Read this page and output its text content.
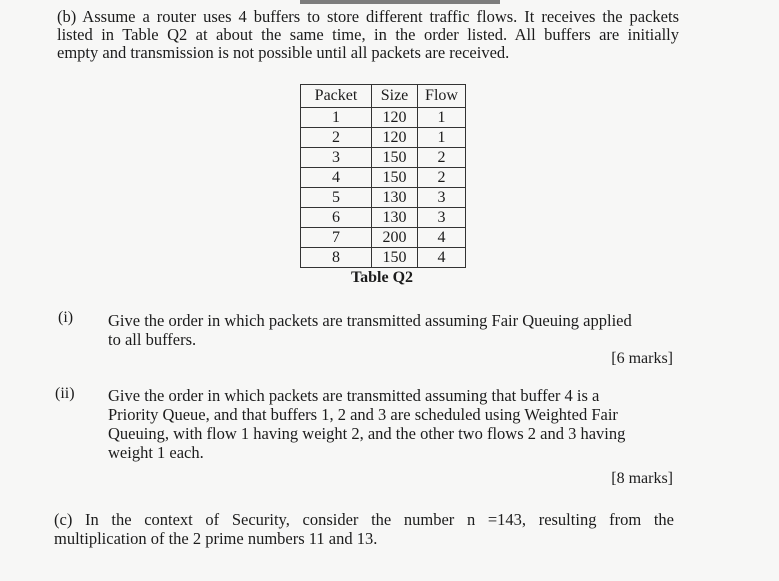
(b) Assume a router uses 4 buffers to store different traffic flows. It receives the packets
listed in Table Q2 at about the same time, in the order listed. All buffers are initially
empty and transmission is not possible until all packets are received.

Packet	Size	Flow
1	120	1
2	120	1
3	150	2
4	150	2
5	130	3
6	130	3
7	200	4
8	150	4
Table Q2
(i) Give the order in which packets are transmitted assuming Fair Queuing applied
to all buffers.

[6 marks]
(ii) Give the order in which packets are transmitted assuming that buffer 4 is a
Priority Queue, and that buffers 1, 2 and 3 are scheduled using Weighted Fair
Queuing, with flow 1 having weight 2, and the other two flows 2 and 3 having
weight 1 each.

[8 marks]

(c) In the context of Security, consider the number n =143, resulting from the
multiplication of the 2 prime numbers 11 and 13.
